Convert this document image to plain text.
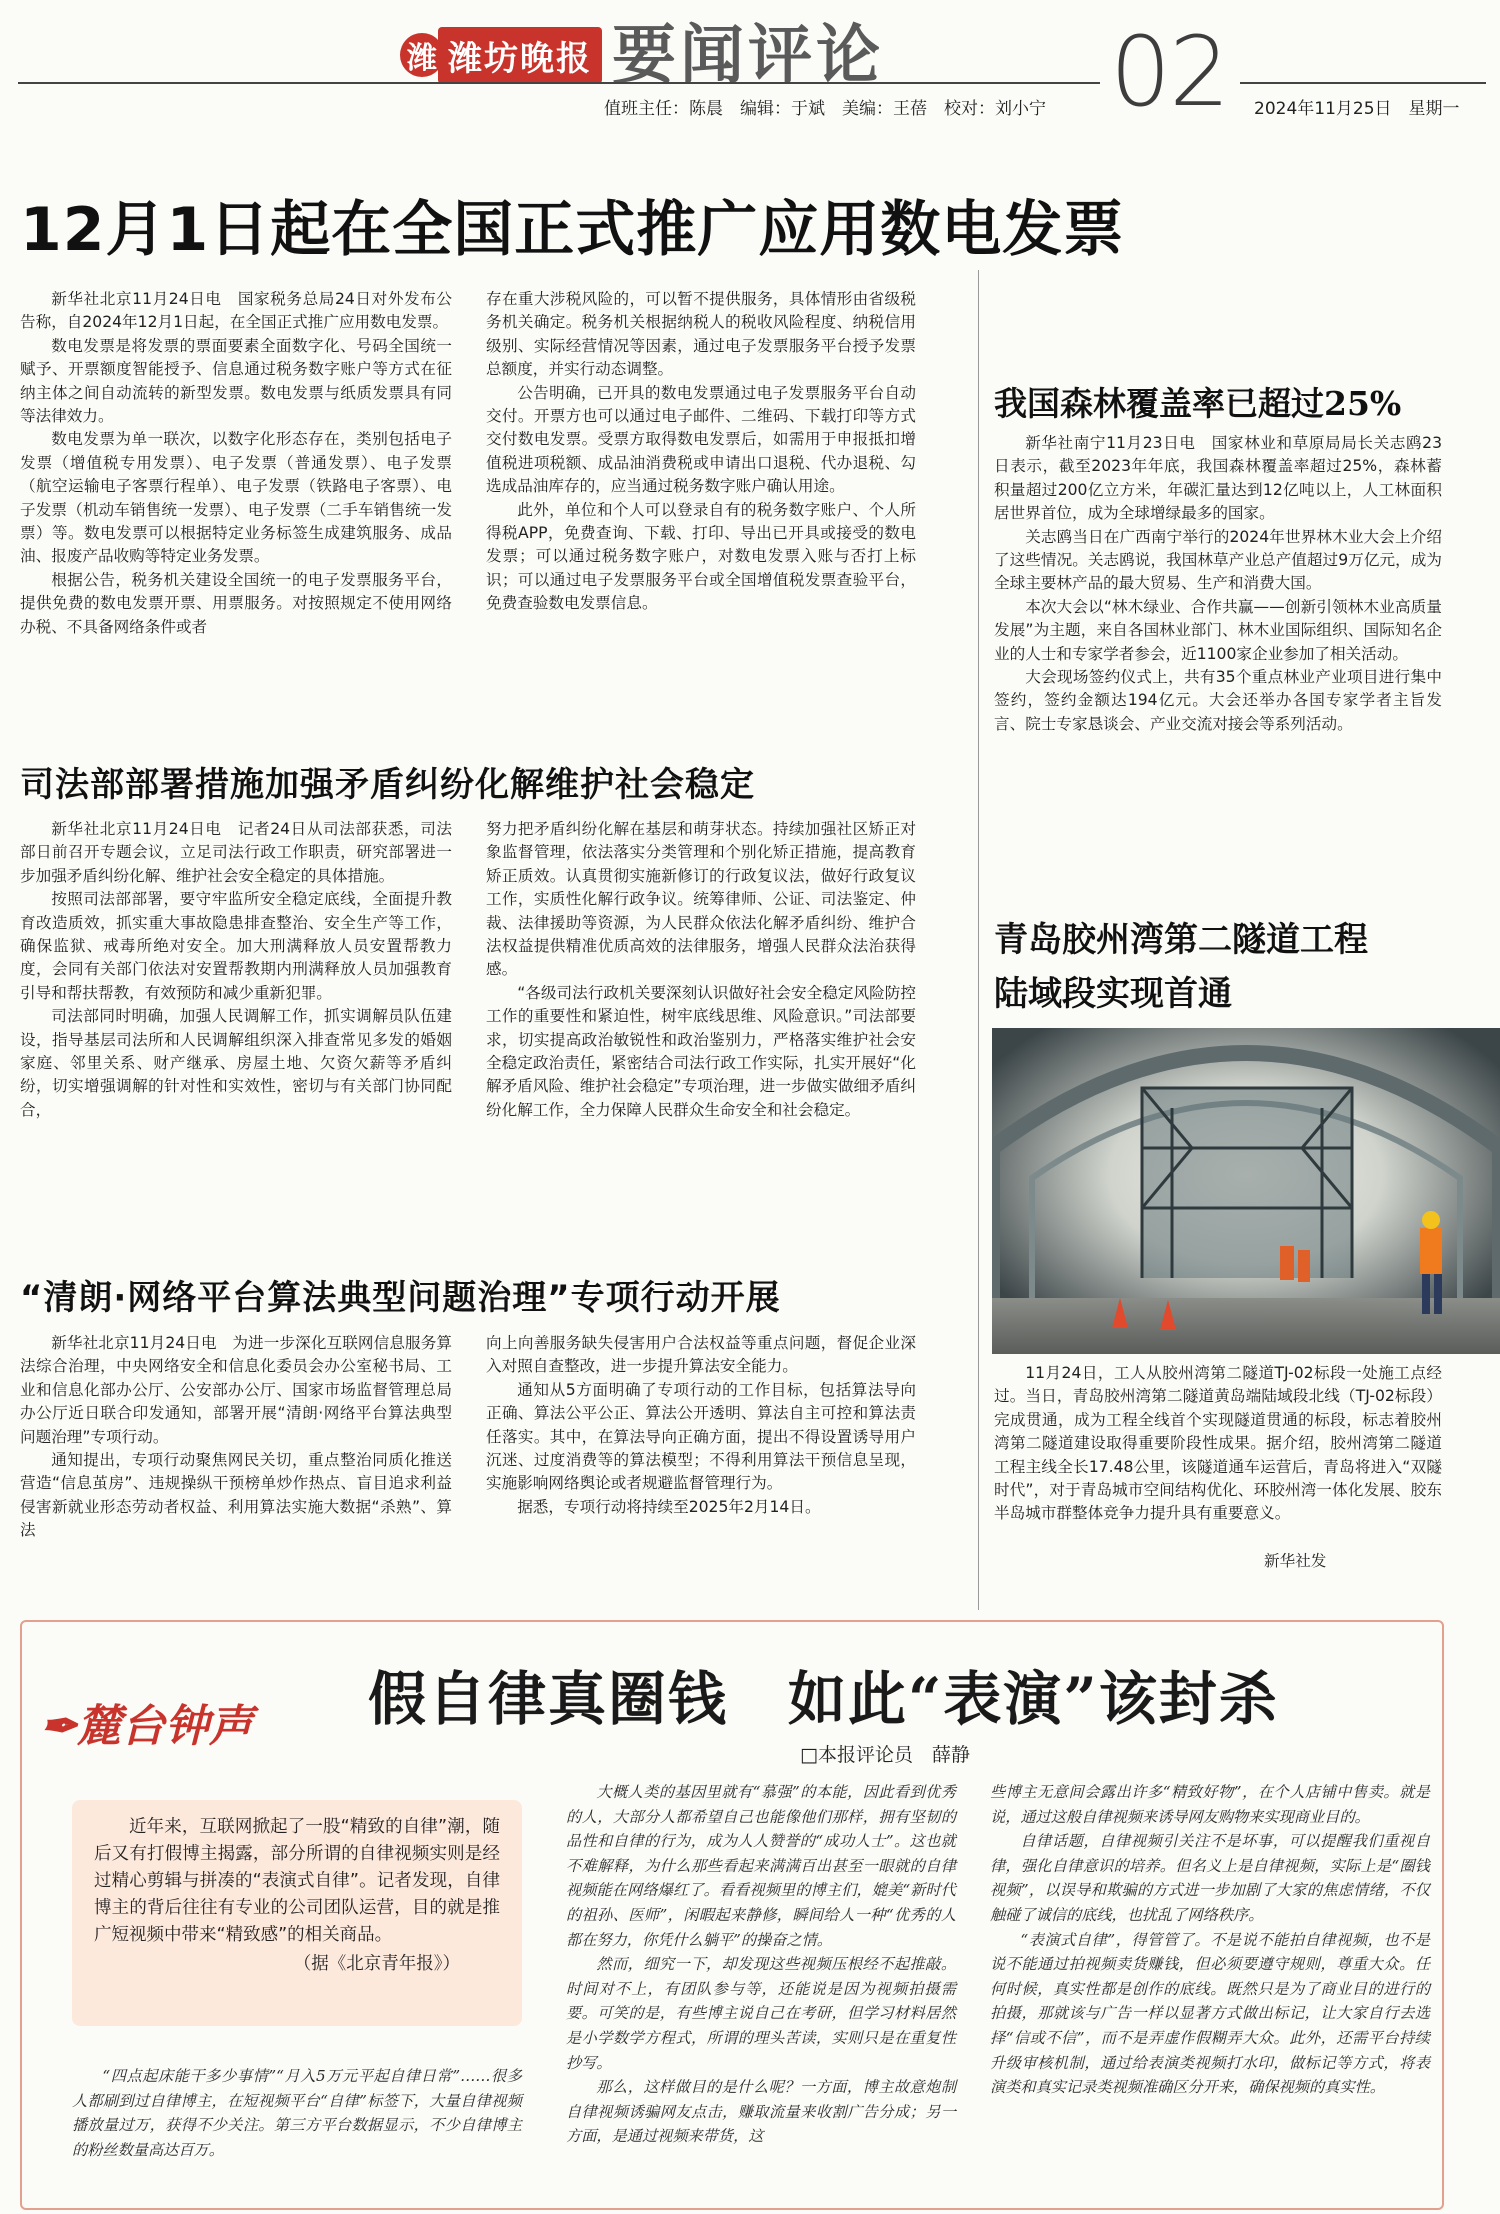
潍 潍坊晚报 要闻评论 02
值班主任：陈晨　编辑：于斌　美编：王蓓　校对：刘小宁	2024年11月25日　星期一
12月1日起在全国正式推广应用数电发票

新华社北京11月24日电　国家税务总局24日对外发布公告称，自2024年12月1日起，在全国正式推广应用数电发票。

数电发票是将发票的票面要素全面数字化、号码全国统一赋予、开票额度智能授予、信息通过税务数字账户等方式在征纳主体之间自动流转的新型发票。数电发票与纸质发票具有同等法律效力。

数电发票为单一联次，以数字化形态存在，类别包括电子发票（增值税专用发票）、电子发票（普通发票）、电子发票（航空运输电子客票行程单）、电子发票（铁路电子客票）、电子发票（机动车销售统一发票）、电子发票（二手车销售统一发票）等。数电发票可以根据特定业务标签生成建筑服务、成品油、报废产品收购等特定业务发票。

根据公告，税务机关建设全国统一的电子发票服务平台，提供免费的数电发票开票、用票服务。对按照规定不使用网络办税、不具备网络条件或者

存在重大涉税风险的，可以暂不提供服务，具体情形由省级税务机关确定。税务机关根据纳税人的税收风险程度、纳税信用级别、实际经营情况等因素，通过电子发票服务平台授予发票总额度，并实行动态调整。

公告明确，已开具的数电发票通过电子发票服务平台自动交付。开票方也可以通过电子邮件、二维码、下载打印等方式交付数电发票。受票方取得数电发票后，如需用于申报抵扣增值税进项税额、成品油消费税或申请出口退税、代办退税、勾选成品油库存的，应当通过税务数字账户确认用途。

此外，单位和个人可以登录自有的税务数字账户、个人所得税APP，免费查询、下载、打印、导出已开具或接受的数电发票；可以通过税务数字账户，对数电发票入账与否打上标识；可以通过电子发票服务平台或全国增值税发票查验平台，免费查验数电发票信息。

我国森林覆盖率已超过25%

新华社南宁11月23日电　国家林业和草原局局长关志鸥23日表示，截至2023年年底，我国森林覆盖率超过25%，森林蓄积量超过200亿立方米，年碳汇量达到12亿吨以上，人工林面积居世界首位，成为全球增绿最多的国家。

关志鸥当日在广西南宁举行的2024年世界林木业大会上介绍了这些情况。关志鸥说，我国林草产业总产值超过9万亿元，成为全球主要林产品的最大贸易、生产和消费大国。

本次大会以“林木绿业、合作共赢——创新引领林木业高质量发展”为主题，来自各国林业部门、林木业国际组织、国际知名企业的人士和专家学者参会，近1100家企业参加了相关活动。

大会现场签约仪式上，共有35个重点林业产业项目进行集中签约，签约金额达194亿元。大会还举办各国专家学者主旨发言、院士专家恳谈会、产业交流对接会等系列活动。

司法部部署措施加强矛盾纠纷化解维护社会稳定

新华社北京11月24日电　记者24日从司法部获悉，司法部日前召开专题会议，立足司法行政工作职责，研究部署进一步加强矛盾纠纷化解、维护社会安全稳定的具体措施。

按照司法部部署，要守牢监所安全稳定底线，全面提升教育改造质效，抓实重大事故隐患排查整治、安全生产等工作，确保监狱、戒毒所绝对安全。加大刑满释放人员安置帮教力度，会同有关部门依法对安置帮教期内刑满释放人员加强教育引导和帮扶帮教，有效预防和减少重新犯罪。

司法部同时明确，加强人民调解工作，抓实调解员队伍建设，指导基层司法所和人民调解组织深入排查常见多发的婚姻家庭、邻里关系、财产继承、房屋土地、欠资欠薪等矛盾纠纷，切实增强调解的针对性和实效性，密切与有关部门协同配合，

努力把矛盾纠纷化解在基层和萌芽状态。持续加强社区矫正对象监督管理，依法落实分类管理和个别化矫正措施，提高教育矫正质效。认真贯彻实施新修订的行政复议法，做好行政复议工作，实质性化解行政争议。统筹律师、公证、司法鉴定、仲裁、法律援助等资源，为人民群众依法化解矛盾纠纷、维护合法权益提供精准优质高效的法律服务，增强人民群众法治获得感。

“各级司法行政机关要深刻认识做好社会安全稳定风险防控工作的重要性和紧迫性，树牢底线思维、风险意识。”司法部要求，切实提高政治敏锐性和政治鉴别力，严格落实维护社会安全稳定政治责任，紧密结合司法行政工作实际，扎实开展好“化解矛盾风险、维护社会稳定”专项治理，进一步做实做细矛盾纠纷化解工作，全力保障人民群众生命安全和社会稳定。

青岛胶州湾第二隧道工程
陆域段实现首通

11月24日，工人从胶州湾第二隧道TJ-02标段一处施工点经过。当日，青岛胶州湾第二隧道黄岛端陆域段北线（TJ-02标段）完成贯通，成为工程全线首个实现隧道贯通的标段，标志着胶州湾第二隧道建设取得重要阶段性成果。据介绍，胶州湾第二隧道工程主线全长17.48公里，该隧道通车运营后，青岛将进入“双隧时代”，对于青岛城市空间结构优化、环胶州湾一体化发展、胶东半岛城市群整体竞争力提升具有重要意义。

新华社发
“清朗·网络平台算法典型问题治理”专项行动开展

新华社北京11月24日电　为进一步深化互联网信息服务算法综合治理，中央网络安全和信息化委员会办公室秘书局、工业和信息化部办公厅、公安部办公厅、国家市场监督管理总局办公厅近日联合印发通知，部署开展“清朗·网络平台算法典型问题治理”专项行动。

通知提出，专项行动聚焦网民关切，重点整治同质化推送营造“信息茧房”、违规操纵干预榜单炒作热点、盲目追求利益侵害新就业形态劳动者权益、利用算法实施大数据“杀熟”、算法

向上向善服务缺失侵害用户合法权益等重点问题，督促企业深入对照自查整改，进一步提升算法安全能力。

通知从5方面明确了专项行动的工作目标，包括算法导向正确、算法公平公正、算法公开透明、算法自主可控和算法责任落实。其中，在算法导向正确方面，提出不得设置诱导用户沉迷、过度消费等的算法模型；不得利用算法干预信息呈现，实施影响网络舆论或者规避监督管理行为。

据悉，专项行动将持续至2025年2月14日。

✒麓台钟声 假自律真圈钱　如此“表演”该封杀
□本报评论员　薛静

近年来，互联网掀起了一股“精致的自律”潮，随后又有打假博主揭露，部分所谓的自律视频实则是经过精心剪辑与拼凑的“表演式自律”。记者发现，自律博主的背后往往有专业的公司团队运营，目的就是推广短视频中带来“精致感”的相关商品。

（据《北京青年报》）

“四点起床能干多少事情”“月入5万元平起自律日常”……很多人都刷到过自律博主，在短视频平台“自律”标签下，大量自律视频播放量过万，获得不少关注。第三方平台数据显示，不少自律博主的粉丝数量高达百万。

大概人类的基因里就有“慕强”的本能，因此看到优秀的人，大部分人都希望自己也能像他们那样，拥有坚韧的品性和自律的行为，成为人人赞誉的“成功人士”。这也就不难解释，为什么那些看起来满满百出甚至一眼就的自律视频能在网络爆红了。看看视频里的博主们，媲美“新时代的祖孙、医师”，闲暇起来静修，瞬间给人一种“优秀的人都在努力，你凭什么躺平”的操奋之情。

然而，细究一下，却发现这些视频压根经不起推敲。时间对不上，有团队参与等，还能说是因为视频拍摄需要。可笑的是，有些博主说自己在考研，但学习材料居然是小学数学方程式，所谓的理头苦读，实则只是在重复性抄写。

那么，这样做目的是什么呢？一方面，博主故意炮制自律视频诱骗网友点击，赚取流量来收割广告分成；另一方面，是通过视频来带货，这

些博主无意间会露出许多“精致好物”，在个人店铺中售卖。就是说，通过这般自律视频来诱导网友购物来实现商业目的。

自律话题，自律视频引关注不是坏事，可以提醒我们重视自律，强化自律意识的培养。但名义上是自律视频，实际上是“圈钱视频”，以误导和欺骗的方式进一步加剧了大家的焦虑情绪，不仅触碰了诚信的底线，也扰乱了网络秩序。

“表演式自律”，得管管了。不是说不能拍自律视频，也不是说不能通过拍视频卖货赚钱，但必须要遵守规则，尊重大众。任何时候，真实性都是创作的底线。既然只是为了商业目的进行的拍摄，那就该与广告一样以显著方式做出标记，让大家自行去选择“信或不信”，而不是弄虚作假糊弄大众。此外，还需平台持续升级审核机制，通过给表演类视频打水印，做标记等方式，将表演类和真实记录类视频准确区分开来，确保视频的真实性。
